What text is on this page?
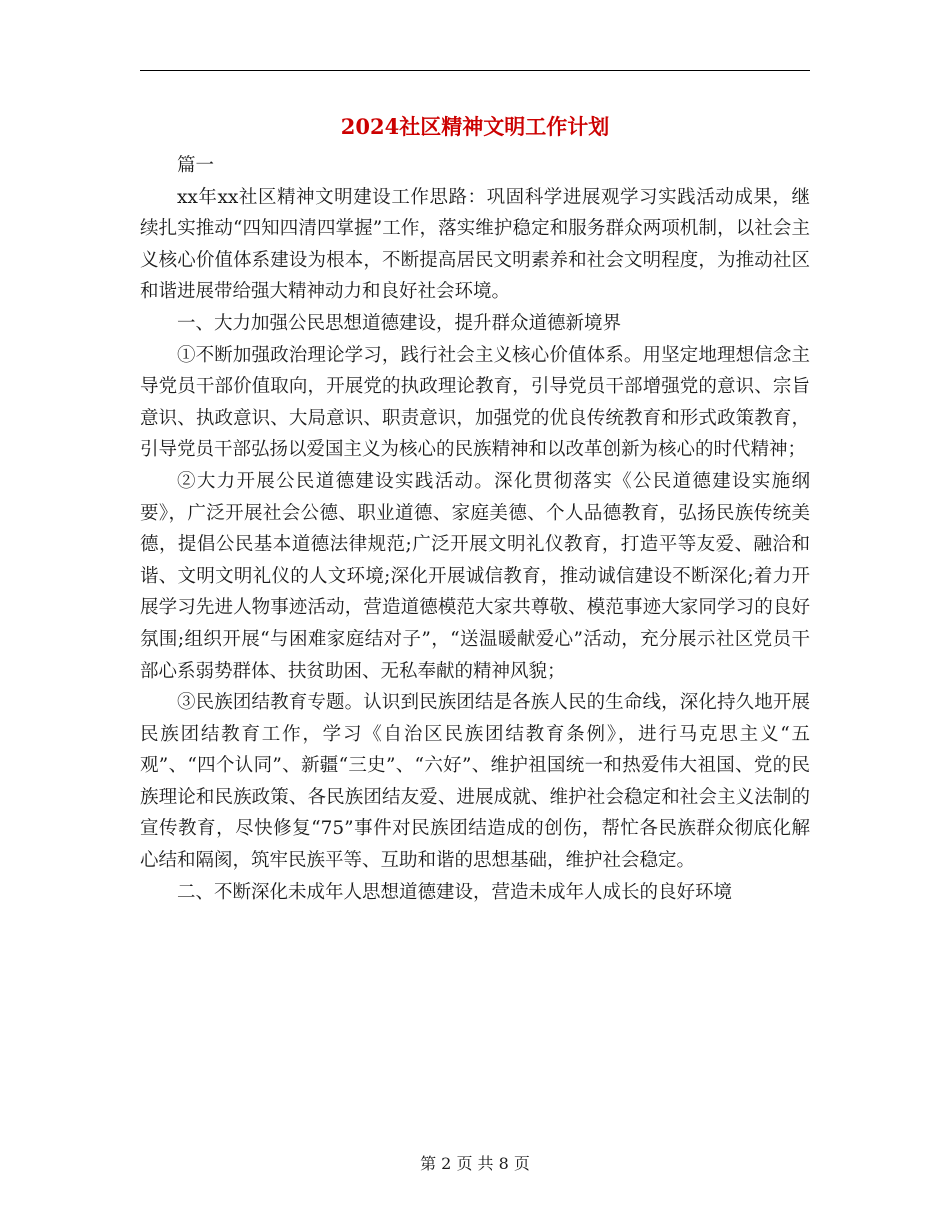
2024社区精神文明工作计划

篇一

xx年xx社区精神文明建设工作思路：巩固科学进展观学习实践活动成果，继续扎实推动“四知四清四掌握”工作，落实维护稳定和服务群众两项机制，以社会主义核心价值体系建设为根本，不断提高居民文明素养和社会文明程度，为推动社区和谐进展带给强大精神动力和良好社会环境。

一、大力加强公民思想道德建设，提升群众道德新境界

①不断加强政治理论学习，践行社会主义核心价值体系。用坚定地理想信念主导党员干部价值取向，开展党的执政理论教育，引导党员干部增强党的意识、宗旨意识、执政意识、大局意识、职责意识，加强党的优良传统教育和形式政策教育，引导党员干部弘扬以爱国主义为核心的民族精神和以改革创新为核心的时代精神；

②大力开展公民道德建设实践活动。深化贯彻落实《公民道德建设实施纲要》，广泛开展社会公德、职业道德、家庭美德、个人品德教育，弘扬民族传统美德，提倡公民基本道德法律规范;广泛开展文明礼仪教育，打造平等友爱、融洽和谐、文明文明礼仪的人文环境;深化开展诚信教育，推动诚信建设不断深化;着力开展学习先进人物事迹活动，营造道德模范大家共尊敬、模范事迹大家同学习的良好氛围;组织开展“与困难家庭结对子”，“送温暖献爱心”活动，充分展示社区党员干部心系弱势群体、扶贫助困、无私奉献的精神风貌；

③民族团结教育专题。认识到民族团结是各族人民的生命线，深化持久地开展民族团结教育工作，学习《自治区民族团结教育条例》，进行马克思主义“五观”、“四个认同”、新疆“三史”、“六好”、维护祖国统一和热爱伟大祖国、党的民族理论和民族政策、各民族团结友爱、进展成就、维护社会稳定和社会主义法制的宣传教育，尽快修复“75”事件对民族团结造成的创伤，帮忙各民族群众彻底化解心结和隔阂，筑牢民族平等、互助和谐的思想基础，维护社会稳定。

二、不断深化未成年人思想道德建设，营造未成年人成长的良好环境

第 2 页 共 8 页
